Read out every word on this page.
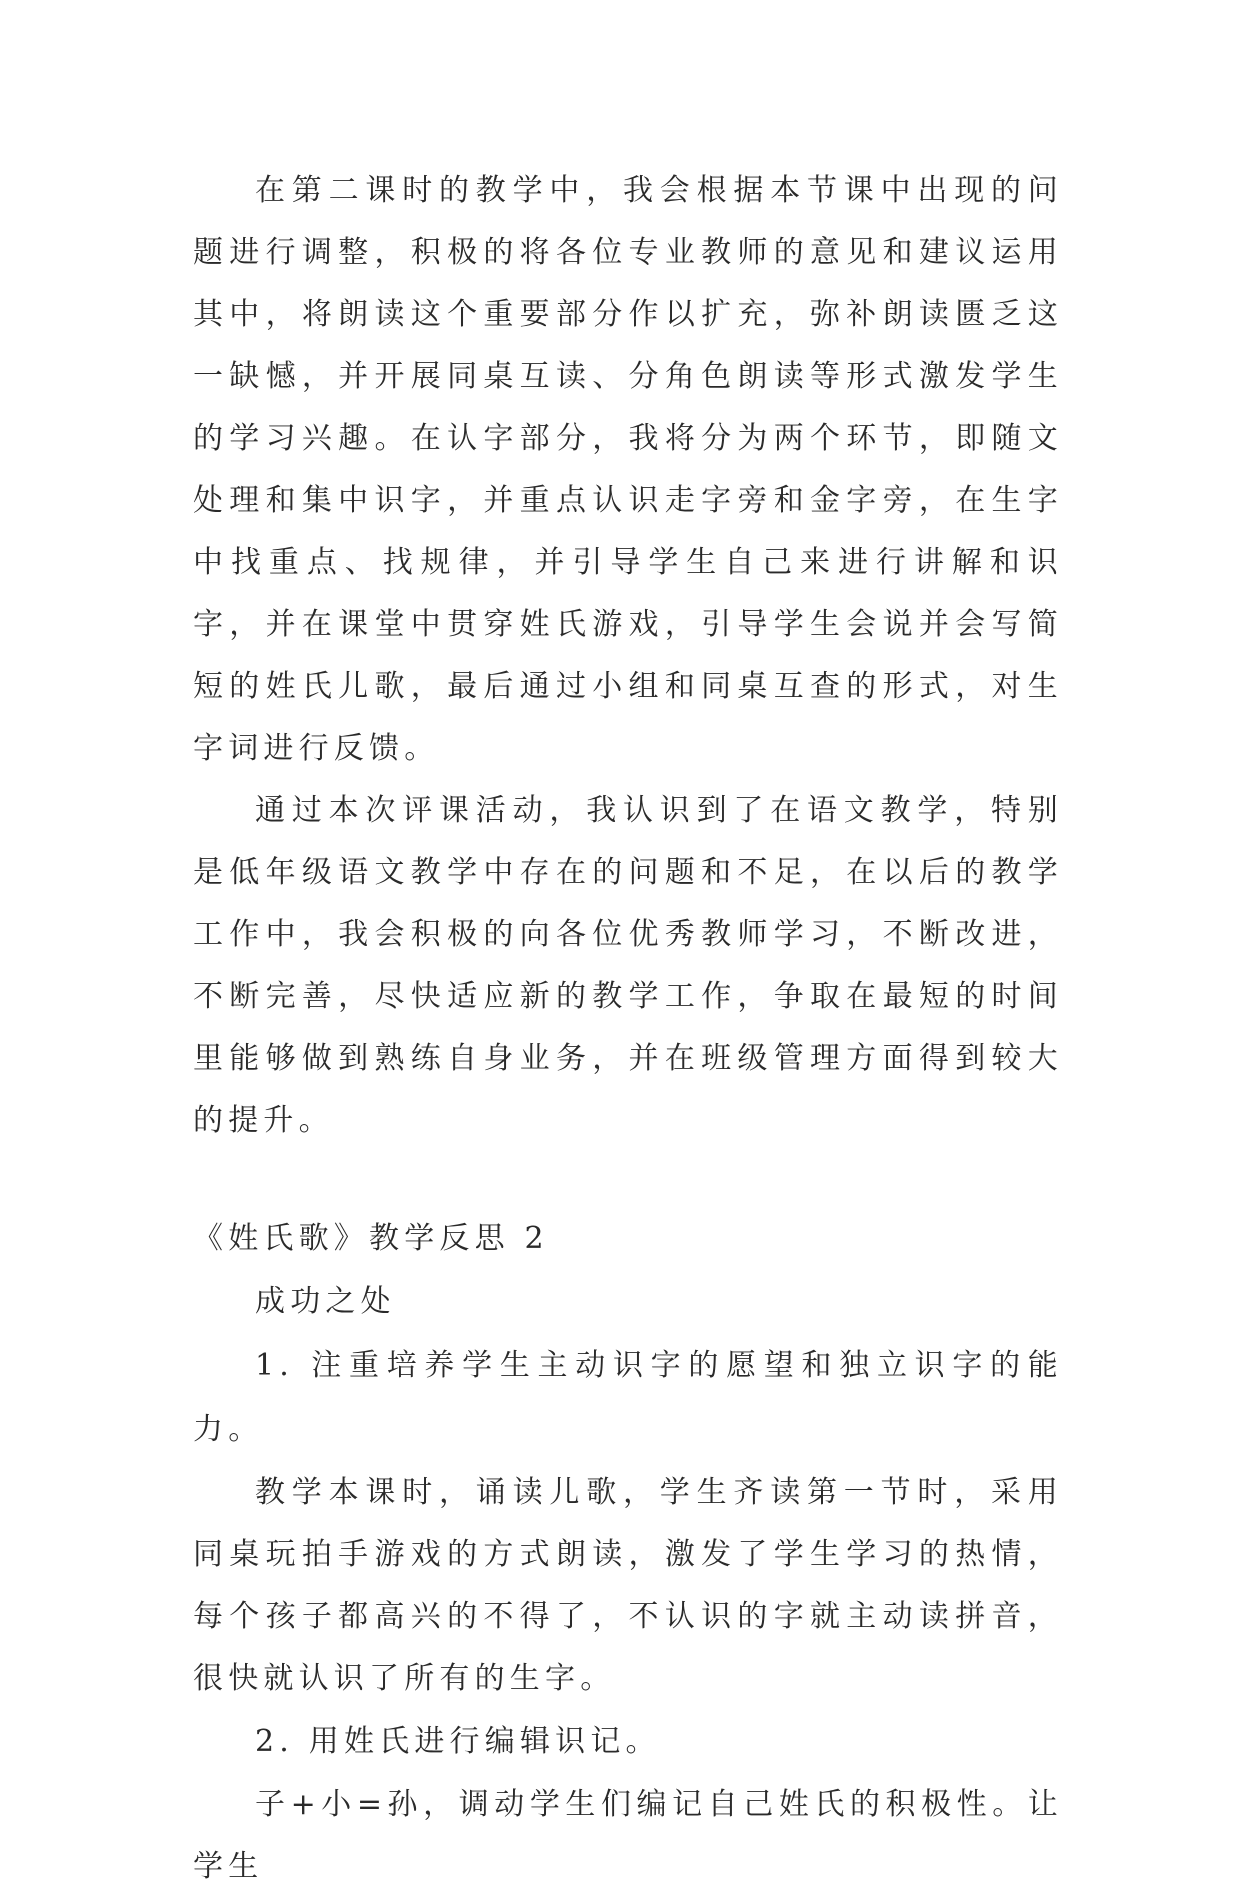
在第二课时的教学中，我会根据本节课中出现的问题进行调整，积极的将各位专业教师的意见和建议运用其中，将朗读这个重要部分作以扩充，弥补朗读匮乏这一缺憾，并开展同桌互读、分角色朗读等形式激发学生的学习兴趣。在认字部分，我将分为两个环节，即随文处理和集中识字，并重点认识走字旁和金字旁，在生字中找重点、找规律，并引导学生自己来进行讲解和识字，并在课堂中贯穿姓氏游戏，引导学生会说并会写简短的姓氏儿歌，最后通过小组和同桌互查的形式，对生字词进行反馈。

通过本次评课活动，我认识到了在语文教学，特别是低年级语文教学中存在的问题和不足，在以后的教学工作中，我会积极的向各位优秀教师学习，不断改进，不断完善，尽快适应新的教学工作，争取在最短的时间里能够做到熟练自身业务，并在班级管理方面得到较大的提升。

《姓氏歌》教学反思 2

成功之处

1. 注重培养学生主动识字的愿望和独立识字的能力。

教学本课时，诵读儿歌，学生齐读第一节时，采用同桌玩拍手游戏的方式朗读，激发了学生学习的热情，每个孩子都高兴的不得了，不认识的字就主动读拼音，很快就认识了所有的生字。

2. 用姓氏进行编辑识记。

子+小=孙，调动学生们编记自己姓氏的积极性。让学生
